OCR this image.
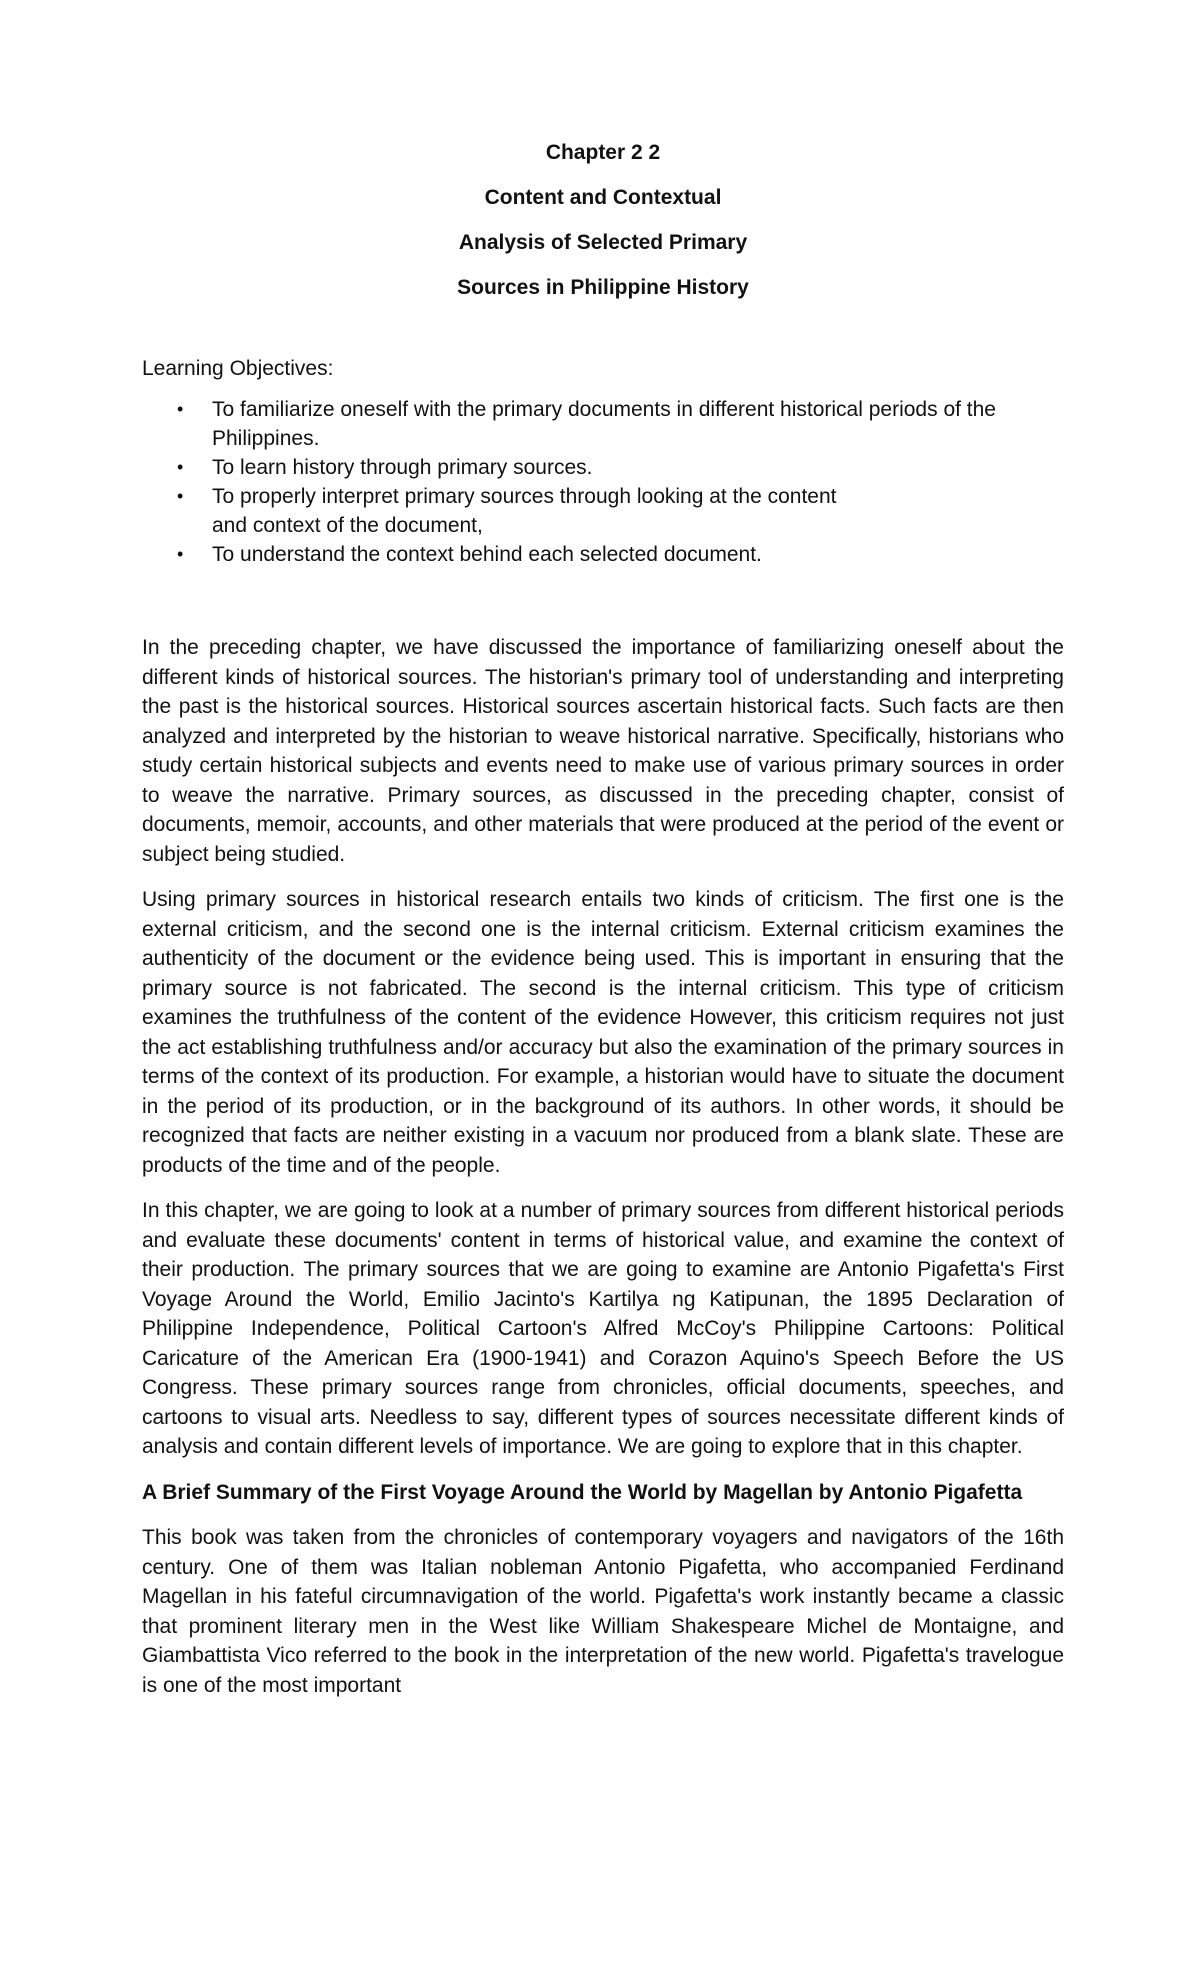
Chapter 2 2
Content and Contextual
Analysis of Selected Primary
Sources in Philippine History
Learning Objectives:
• To familiarize oneself with the primary documents in different historical periods of the Philippines.
• To learn history through primary sources.
• To properly interpret primary sources through looking at the content and context of the document,
• To understand the context behind each selected document.

In the preceding chapter, we have discussed the importance of familiarizing oneself about the different kinds of historical sources. The historian's primary tool of understanding and interpreting the past is the historical sources. Historical sources ascertain historical facts. Such facts are then analyzed and interpreted by the historian to weave historical narrative. Specifically, historians who study certain historical subjects and events need to make use of various primary sources in order to weave the narrative. Primary sources, as discussed in the preceding chapter, consist of documents, memoir, accounts, and other materials that were produced at the period of the event or subject being studied.

Using primary sources in historical research entails two kinds of criticism. The first one is the external criticism, and the second one is the internal criticism. External criticism examines the authenticity of the document or the evidence being used. This is important in ensuring that the primary source is not fabricated. The second is the internal criticism. This type of criticism examines the truthfulness of the content of the evidence However, this criticism requires not just the act establishing truthfulness and/or accuracy but also the examination of the primary sources in terms of the context of its production. For example, a historian would have to situate the document in the period of its production, or in the background of its authors. In other words, it should be recognized that facts are neither existing in a vacuum nor produced from a blank slate. These are products of the time and of the people.

In this chapter, we are going to look at a number of primary sources from different historical periods and evaluate these documents' content in terms of historical value, and examine the context of their production. The primary sources that we are going to examine are Antonio Pigafetta's First Voyage Around the World, Emilio Jacinto's Kartilya ng Katipunan, the 1895 Declaration of Philippine Independence, Political Cartoon's Alfred McCoy's Philippine Cartoons: Political Caricature of the American Era (1900-1941) and Corazon Aquino's Speech Before the US Congress. These primary sources range from chronicles, official documents, speeches, and cartoons to visual arts. Needless to say, different types of sources necessitate different kinds of analysis and contain different levels of importance. We are going to explore that in this chapter.

A Brief Summary of the First Voyage Around the World by Magellan by Antonio Pigafetta

This book was taken from the chronicles of contemporary voyagers and navigators of the 16th century. One of them was Italian nobleman Antonio Pigafetta, who accompanied Ferdinand Magellan in his fateful circumnavigation of the world. Pigafetta's work instantly became a classic that prominent literary men in the West like William Shakespeare Michel de Montaigne, and Giambattista Vico referred to the book in the interpretation of the new world. Pigafetta's travelogue is one of the most important
